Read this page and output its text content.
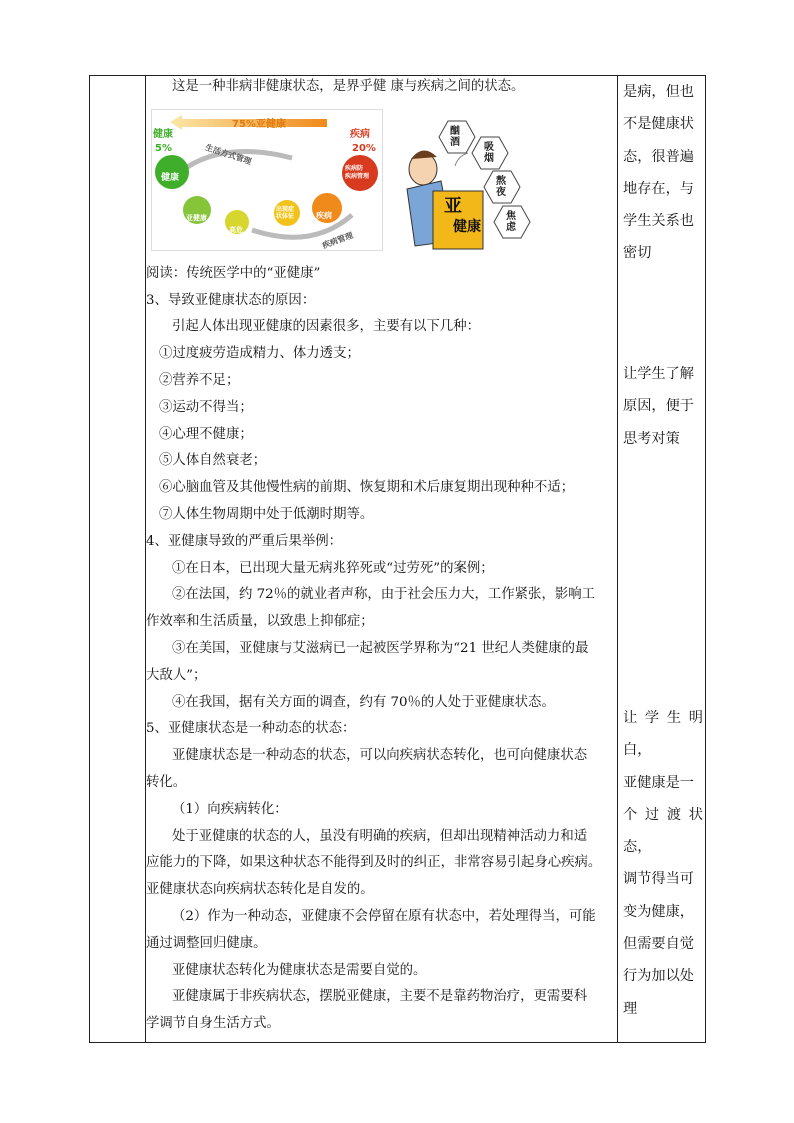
这是一种非病非健康状态，是界乎健 康与疾病之间的状态。

75%亚健康
健康
5%
疾病
20%
生活方式管理
疾病管理
健康
亚健康
高危
出现症
状体征	疾病
疾病防
疾病管理
亚
健康
酗酒 吸烟
熬夜
焦虑

阅读：传统医学中的“亚健康”

3、导致亚健康状态的原因：

引起人体出现亚健康的因素很多，主要有以下几种：

①过度疲劳造成精力、体力透支；

②营养不足；

③运动不得当；

④心理不健康；

⑤人体自然衰老；

⑥心脑血管及其他慢性病的前期、恢复期和术后康复期出现种种不适；

⑦人体生物周期中处于低潮时期等。

4、亚健康导致的严重后果举例：

①在日本，已出现大量无病兆猝死或“过劳死”的案例；

②在法国，约 72％的就业者声称，由于社会压力大，工作紧张，影响工

作效率和生活质量，以致患上抑郁症；

③在美国，亚健康与艾滋病已一起被医学界称为“21 世纪人类健康的最

大敌人”；

④在我国，据有关方面的调查，约有 70％的人处于亚健康状态。

5、亚健康状态是一种动态的状态：

亚健康状态是一种动态的状态，可以向疾病状态转化，也可向健康状态

转化。

（1）向疾病转化：

处于亚健康的状态的人，虽没有明确的疾病，但却出现精神活动力和适

应能力的下降，如果这种状态不能得到及时的纠正，非常容易引起身心疾病。

亚健康状态向疾病状态转化是自发的。

（2）作为一种动态，亚健康不会停留在原有状态中，若处理得当，可能

通过调整回归健康。

亚健康状态转化为健康状态是需要自觉的。

亚健康属于非疾病状态，摆脱亚健康，主要不是靠药物治疗，更需要科

学调节自身生活方式。

是病，但也
不是健康状
态，很普遍
地存在，与
学生关系也
密切
让学生了解
原因，便于
思考对策
让学生明白，
亚健康是一
个过渡状态，
调节得当可
变为健康，
但需要自觉
行为加以处
理
